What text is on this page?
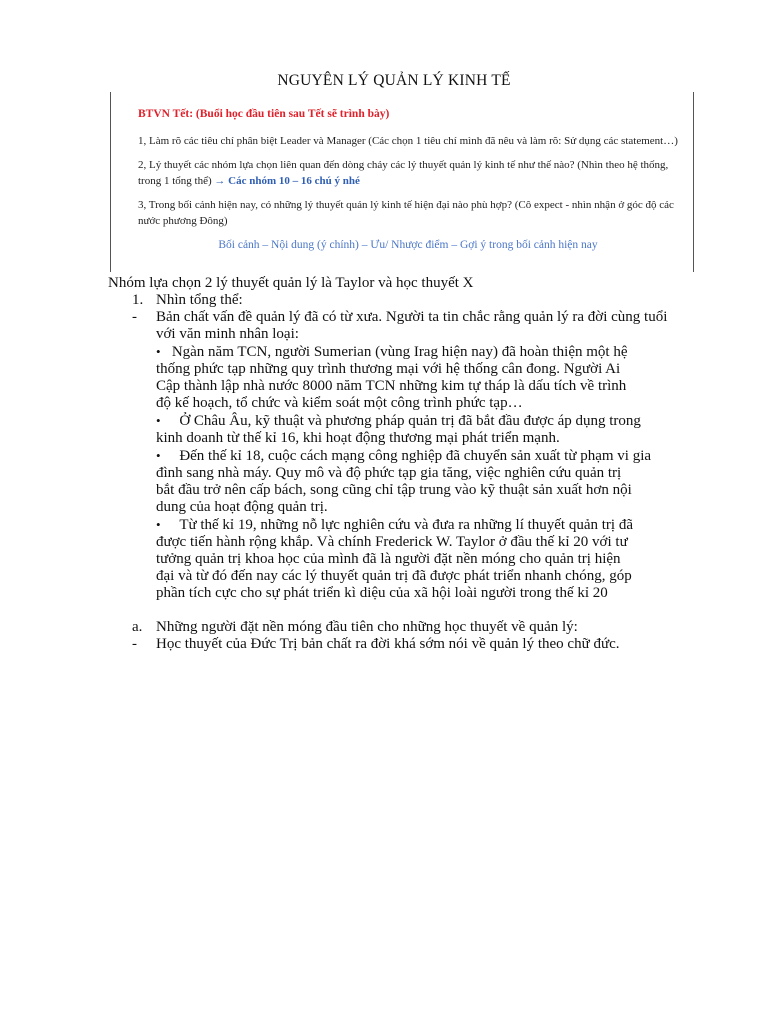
NGUYÊN LÝ QUẢN LÝ KINH TẾ

BTVN Tết: (Buổi học đầu tiên sau Tết sẽ trình bày)

1, Làm rõ các tiêu chí phân biệt Leader và Manager (Các chọn 1 tiêu chí mình đã nêu và làm rõ: Sử dụng các statement…)

2, Lý thuyết các nhóm lựa chọn liên quan đến dòng chảy các lý thuyết quản lý kinh tế như thế nào? (Nhìn theo hệ thống, trong 1 tổng thể) → Các nhóm 10 – 16 chú ý nhé

3, Trong bối cảnh hiện nay, có những lý thuyết quản lý kinh tế hiện đại nào phù hợp? (Cô expect - nhìn nhận ở góc độ các nước phương Đông)

Bối cảnh – Nội dung (ý chính) – Ưu/ Nhược điểm – Gợi ý trong bối cảnh hiện nay

Nhóm lựa chọn 2 lý thuyết quản lý là Taylor và học thuyết X

1. Nhìn tổng thể:
- Bản chất vấn đề quản lý đã có từ xưa. Người ta tin chắc rằng quản lý ra đời cùng tuổi
với văn minh nhân loại:
• Ngàn năm TCN, người Sumerian (vùng Irag hiện nay) đã hoàn thiện một hệ
thống phức tạp những quy trình thương mại với hệ thống cân đong. Người Ai
Cập thành lập nhà nước 8000 năm TCN những kim tự tháp là dấu tích về trình
độ kế hoạch, tổ chức và kiểm soát một công trình phức tạp…
• Ở Châu Âu, kỹ thuật và phương pháp quản trị đã bắt đầu được áp dụng trong
kinh doanh từ thế kỉ 16, khi hoạt động thương mại phát triển mạnh.
• Đến thế kỉ 18, cuộc cách mạng công nghiệp đã chuyển sản xuất từ phạm vi gia
đình sang nhà máy. Quy mô và độ phức tạp gia tăng, việc nghiên cứu quản trị
bắt đầu trở nên cấp bách, song cũng chỉ tập trung vào kỹ thuật sản xuất hơn nội
dung của hoạt động quản trị.
• Từ thế kỉ 19, những nỗ lực nghiên cứu và đưa ra những lí thuyết quản trị đã
được tiến hành rộng khắp. Và chính Frederick W. Taylor ở đầu thế kỉ 20 với tư
tưởng quản trị khoa học của mình đã là người đặt nền móng cho quản trị hiện
đại và từ đó đến nay các lý thuyết quản trị đã được phát triển nhanh chóng, góp
phần tích cực cho sự phát triển kì diệu của xã hội loài người trong thế kỉ 20
a. Những người đặt nền móng đầu tiên cho những học thuyết về quản lý:
- Học thuyết của Đức Trị bản chất ra đời khá sớm nói về quản lý theo chữ đức.
